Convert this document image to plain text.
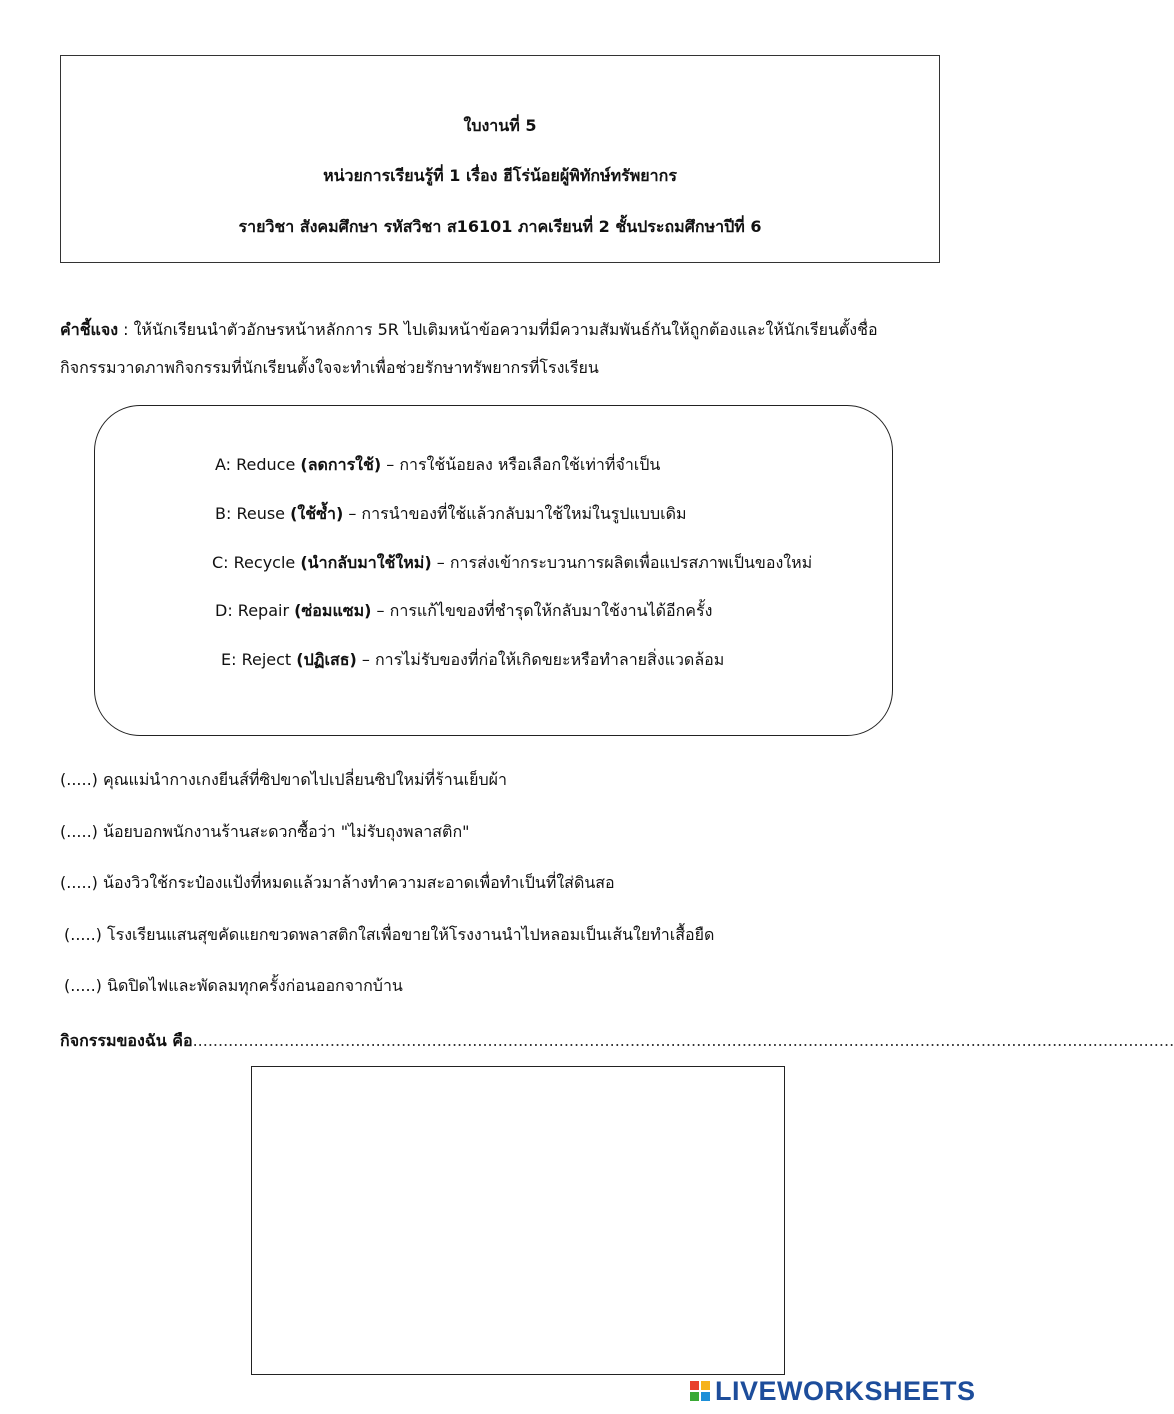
ใบงานที่ 5
หน่วยการเรียนรู้ที่ 1 เรื่อง ฮีโร่น้อยผู้พิทักษ์ทรัพยากร
รายวิชา สังคมศึกษา รหัสวิชา ส16101 ภาคเรียนที่ 2 ชั้นประถมศึกษาปีที่ 6
คำชี้แจง : ให้นักเรียนนำตัวอักษรหน้าหลักการ 5R ไปเติมหน้าข้อความที่มีความสัมพันธ์กันให้ถูกต้องและให้นักเรียนตั้งชื่อ
กิจกรรมวาดภาพกิจกรรมที่นักเรียนตั้งใจจะทำเพื่อช่วยรักษาทรัพยากรที่โรงเรียน
A: Reduce (ลดการใช้) – การใช้น้อยลง หรือเลือกใช้เท่าที่จำเป็น
B: Reuse (ใช้ซ้ำ) – การนำของที่ใช้แล้วกลับมาใช้ใหม่ในรูปแบบเดิม
C: Recycle (นำกลับมาใช้ใหม่) – การส่งเข้ากระบวนการผลิตเพื่อแปรสภาพเป็นของใหม่
D: Repair (ซ่อมแซม) – การแก้ไขของที่ชำรุดให้กลับมาใช้งานได้อีกครั้ง
E: Reject (ปฏิเสธ) – การไม่รับของที่ก่อให้เกิดขยะหรือทำลายสิ่งแวดล้อม
(.....) คุณแม่นำกางเกงยีนส์ที่ซิปขาดไปเปลี่ยนซิปใหม่ที่ร้านเย็บผ้า
(.....) น้อยบอกพนักงานร้านสะดวกซื้อว่า "ไม่รับถุงพลาสติก"
(.....) น้องวิวใช้กระป๋องแป้งที่หมดแล้วมาล้างทำความสะอาดเพื่อทำเป็นที่ใส่ดินสอ
(.....) โรงเรียนแสนสุขคัดแยกขวดพลาสติกใสเพื่อขายให้โรงงานนำไปหลอมเป็นเส้นใยทำเสื้อยืด
(.....) นิดปิดไฟและพัดลมทุกครั้งก่อนออกจากบ้าน
กิจกรรมของฉัน คือ.................................................................................................................................................................................................
LIVEWORKSHEETS
